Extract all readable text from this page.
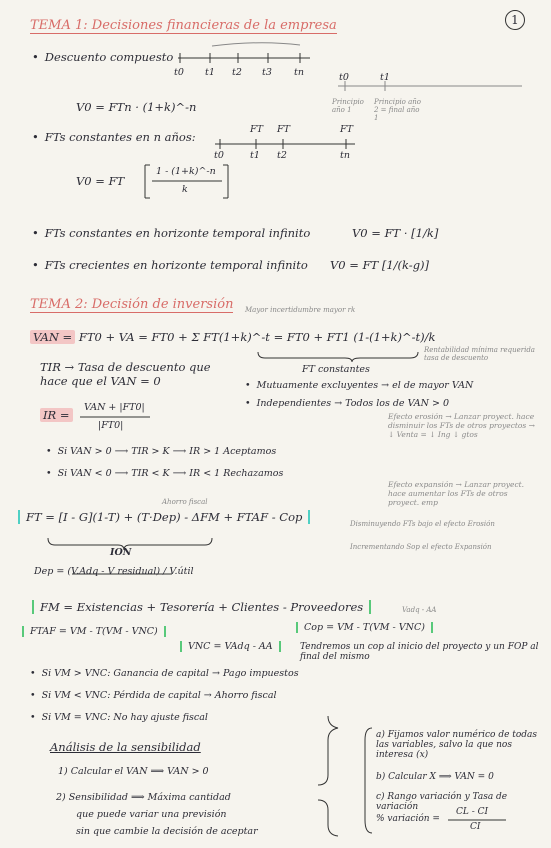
1
TEMA 1: Decisiones financieras de la empresa
• Descuento compuesto
t0 t1 t2 t3 tn	t0	t1
Principio año 1
Principio año 2 = final año 1
V0 = FTn · (1+k)^-n
• FTs constantes en n años:
FT FT	FT
t0	t1 t2	tn
V0 = FT
1 - (1+k)^-n
k
• FTs constantes en horizonte temporal infinito	V0 = FT · [1/k]
• FTs crecientes en horizonte temporal infinito V0 = FT [1/(k-g)]
TEMA 2: Decisión de inversión Mayor incertidumbre mayor rk
VAN = FT0 + VA = FT0 + Σ FT(1+k)^-t = FT0 + FT1 (1-(1+k)^-t)/k
Rentabilidad mínima requerida tasa de descuento
FT constantes
TIR → Tasa de descuento que hace que el VAN = 0
•	Mutuamente excluyentes → el de mayor VAN
• Independientes → Todos los de VAN > 0
IR =
VAN + |FT0|
|FT0|
Efecto erosión → Lanzar proyect. hace disminuir los FTs de otros proyectos → ↓ Venta = ↓ Ing ↓ gtos
Efecto expansión → Lanzar proyect. hace aumentar los FTs de otros proyect. emp
• Si VAN > 0 ⟶ TIR > K ⟶ IR > 1 Aceptamos
• Si VAN < 0 ⟶ TIR < K ⟶ IR < 1 Rechazamos
Ahorro fiscal
FT = [I - G](1-T) + (T·Dep) - ΔFM + FTAF - Cop	Disminuyendo FTs bajo el efecto Erosión
Incrementando Sop el efecto Expansión
ION
Dep = (V.Adq - V residual) / V.útil
FM = Existencias + Tesorería + Clientes - Proveedores	Vadq - AA
FTAF = VM - T(VM - VNC)
VNC = VAdq - AA
Cop = VM - T(VM - VNC)
Tendremos un cop al inicio del proyecto y un FOP al final del mismo
• Si VM > VNC: Ganancia de capital → Pago impuestos
• Si VM < VNC: Pérdida de capital → Ahorro fiscal
• Si VM = VNC: No hay ajuste fiscal
Análisis de la sensibilidad
1) Calcular el VAN ⟹ VAN > 0
2) Sensibilidad ⟹ Máxima cantidad
que puede variar una previsión
sin que cambie la decisión de aceptar
a) Fijamos valor numérico de todas las variables, salvo la que nos interesa (x)
b) Calcular X ⟹ VAN = 0
c) Rango variación y Tasa de variación
% variación =
CL - CI
CI
